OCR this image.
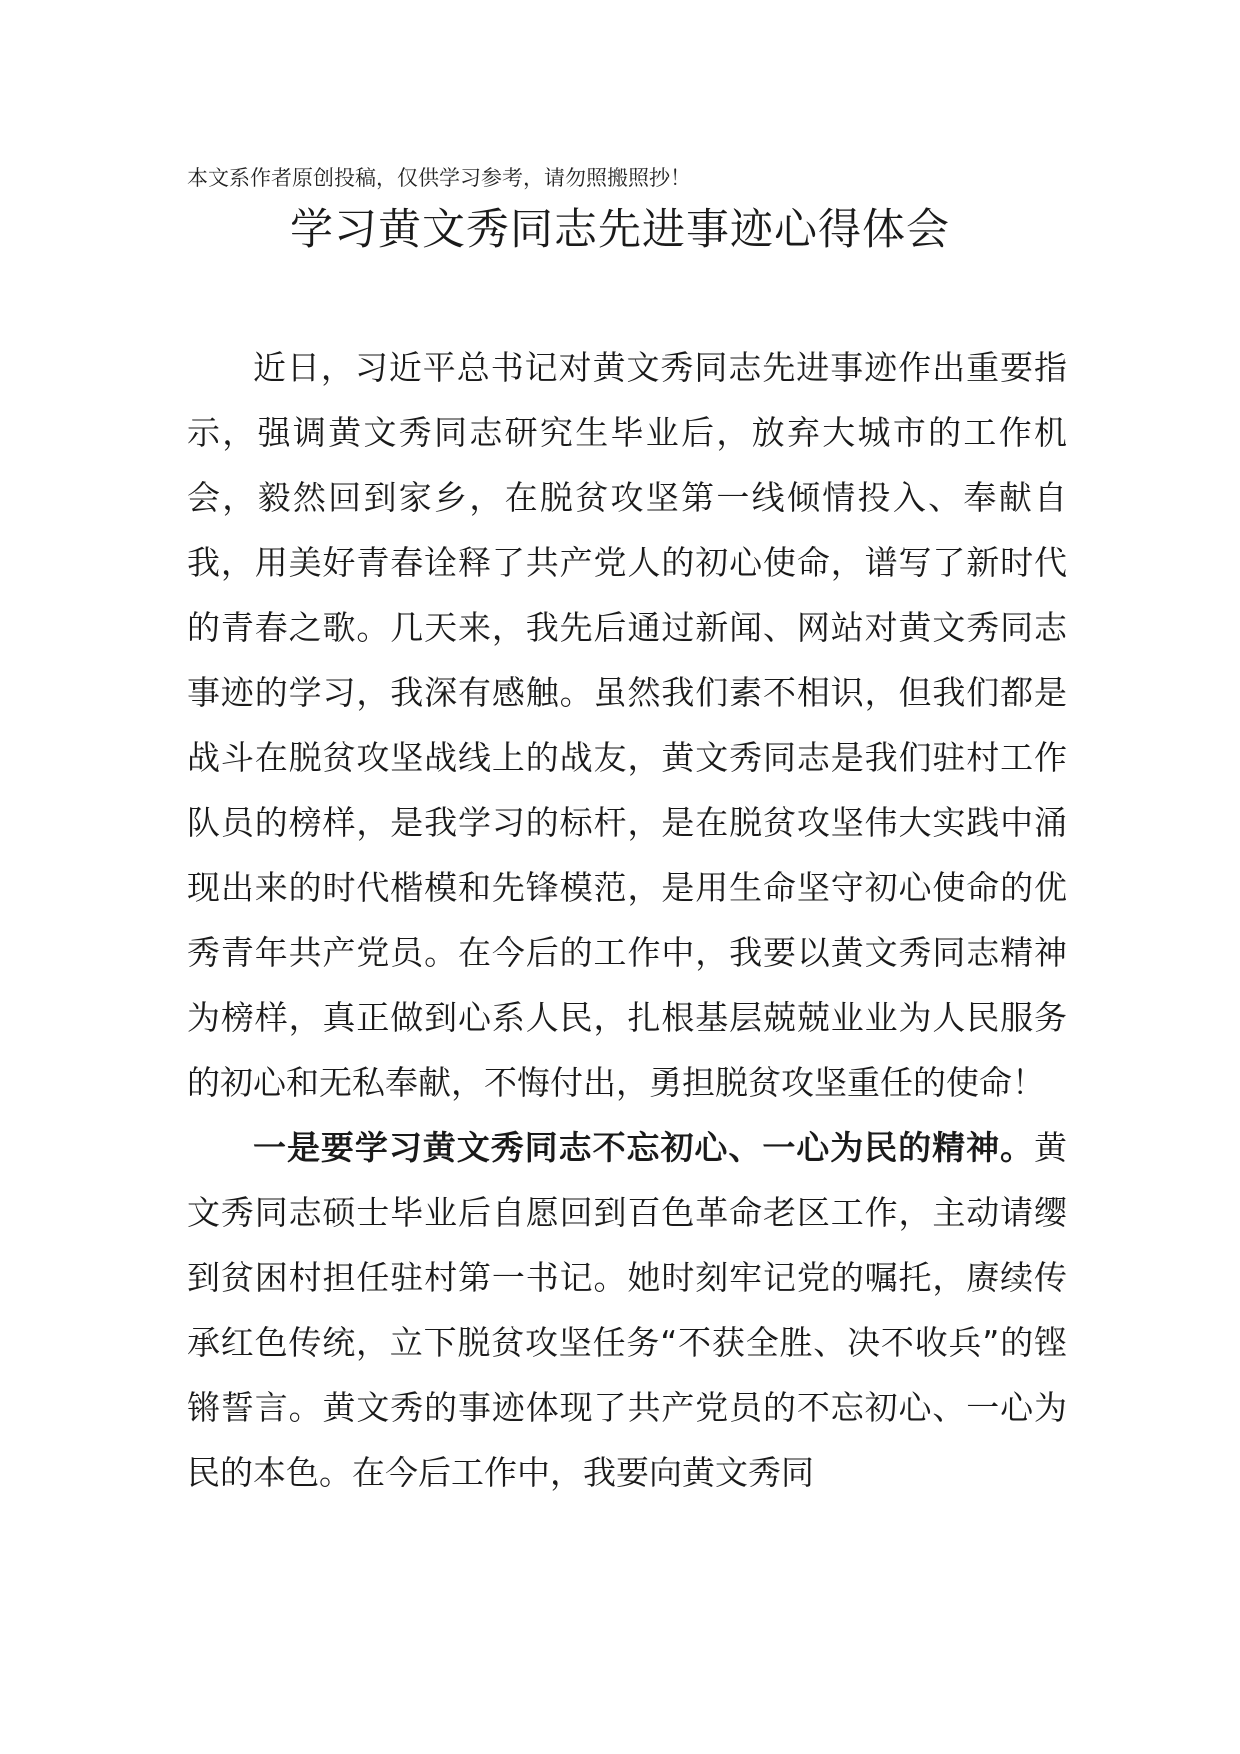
本文系作者原创投稿，仅供学习参考，请勿照搬照抄！
学习黄文秀同志先进事迹心得体会

近日，习近平总书记对黄文秀同志先进事迹作出重要指示，强调黄文秀同志研究生毕业后，放弃大城市的工作机会，毅然回到家乡，在脱贫攻坚第一线倾情投入、奉献自我，用美好青春诠释了共产党人的初心使命，谱写了新时代的青春之歌。几天来，我先后通过新闻、网站对黄文秀同志事迹的学习，我深有感触。虽然我们素不相识，但我们都是战斗在脱贫攻坚战线上的战友，黄文秀同志是我们驻村工作队员的榜样，是我学习的标杆，是在脱贫攻坚伟大实践中涌现出来的时代楷模和先锋模范，是用生命坚守初心使命的优秀青年共产党员。在今后的工作中，我要以黄文秀同志精神为榜样，真正做到心系人民，扎根基层兢兢业业为人民服务的初心和无私奉献，不悔付出，勇担脱贫攻坚重任的使命！

一是要学习黄文秀同志不忘初心、一心为民的精神。黄文秀同志硕士毕业后自愿回到百色革命老区工作，主动请缨到贫困村担任驻村第一书记。她时刻牢记党的嘱托，赓续传承红色传统，立下脱贫攻坚任务“不获全胜、决不收兵”的铿锵誓言。黄文秀的事迹体现了共产党员的不忘初心、一心为民的本色。在今后工作中，我要向黄文秀同
